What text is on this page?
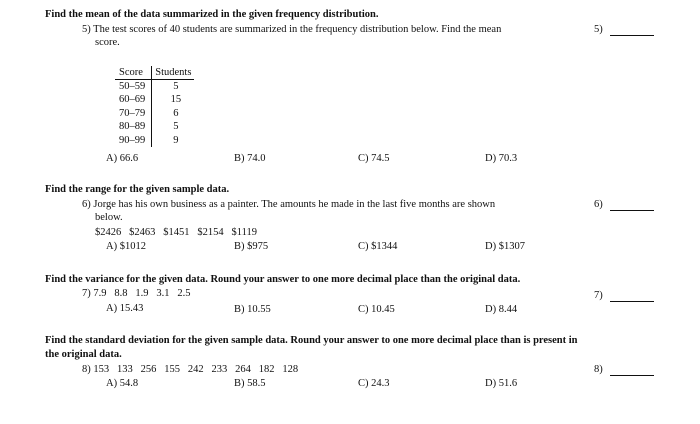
Find the mean of the data summarized in the given frequency distribution.
5) The test scores of 40 students are summarized in the frequency distribution below. Find the mean
score.
5)
Score	Students
50–59	5
60–69	15
70–79	6
80–89	5
90–99	9
A) 66.6	B) 74.0	C) 74.5	D) 70.3
Find the range for the given sample data.
6) Jorge has his own business as a painter. The amounts he made in the last five months are shown
below.
6)
$2426   $2463   $1451   $2154   $1119
A) $1012	B) $975	C) $1344	D) $1307
Find the variance for the given data. Round your answer to one more decimal place than the original data.
7) 7.9   8.8   1.9   3.1   2.5	7)
A) 15.43	B) 10.55	C) 10.45	D) 8.44
Find the standard deviation for the given sample data. Round your answer to one more decimal place than is present in
the original data.
8) 153   133   256   155   242   233   264   182   128	8)
A) 54.8	B) 58.5	C) 24.3	D) 51.6
